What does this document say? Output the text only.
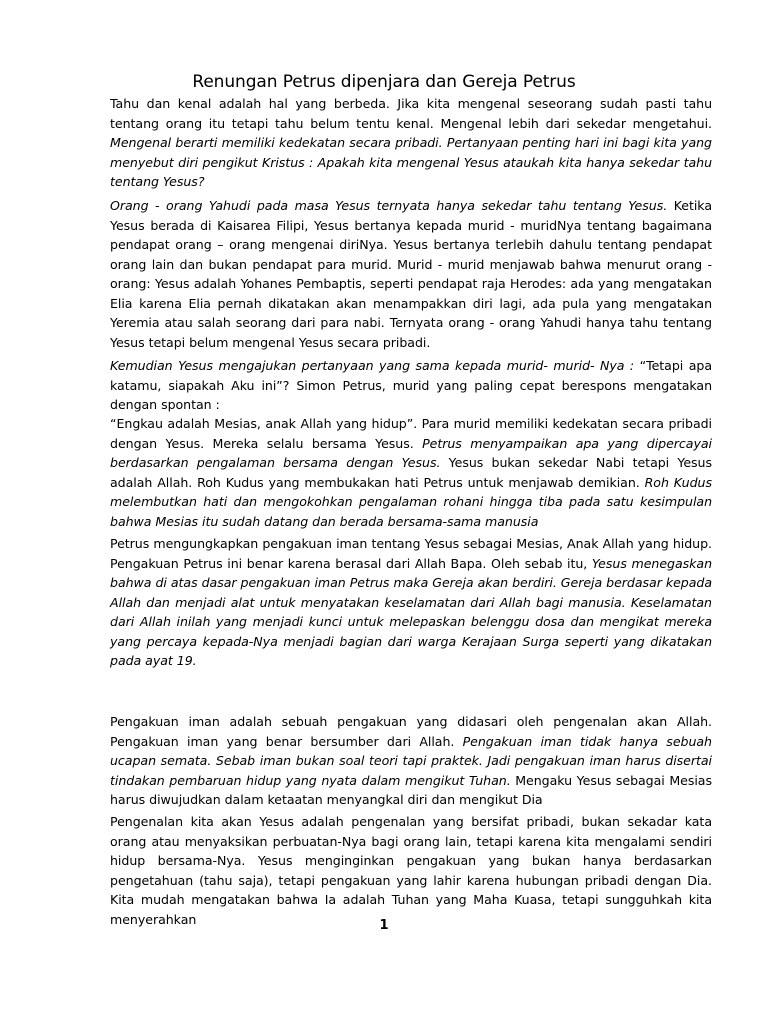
Renungan Petrus dipenjara dan Gereja Petrus

Tahu dan kenal adalah hal yang berbeda. Jika kita mengenal seseorang sudah pasti tahu tentang orang itu tetapi tahu belum tentu kenal. Mengenal lebih dari sekedar mengetahui. Mengenal berarti memiliki kedekatan secara pribadi. Pertanyaan penting hari ini bagi kita yang menyebut diri pengikut Kristus : Apakah kita mengenal Yesus ataukah kita hanya sekedar tahu tentang Yesus?

Orang - orang Yahudi pada masa Yesus ternyata hanya sekedar tahu tentang Yesus. Ketika Yesus berada di Kaisarea Filipi, Yesus bertanya kepada murid - muridNya tentang bagaimana pendapat orang – orang mengenai diriNya. Yesus bertanya terlebih dahulu tentang pendapat orang lain dan bukan pendapat para murid. Murid - murid menjawab bahwa menurut orang - orang: Yesus adalah Yohanes Pembaptis, seperti pendapat raja Herodes: ada yang mengatakan Elia karena Elia pernah dikatakan akan menampakkan diri lagi, ada pula yang mengatakan Yeremia atau salah seorang dari para nabi. Ternyata orang - orang Yahudi hanya tahu tentang Yesus tetapi belum mengenal Yesus secara pribadi.

Kemudian Yesus mengajukan pertanyaan yang sama kepada murid- murid- Nya : “Tetapi apa katamu, siapakah Aku ini”? Simon Petrus, murid yang paling cepat berespons mengatakan dengan spontan :

“Engkau adalah Mesias, anak Allah yang hidup”. Para murid memiliki kedekatan secara pribadi dengan Yesus. Mereka selalu bersama Yesus. Petrus menyampaikan apa yang dipercayai berdasarkan pengalaman bersama dengan Yesus. Yesus bukan sekedar Nabi tetapi Yesus adalah Allah. Roh Kudus yang membukakan hati Petrus untuk menjawab demikian. Roh Kudus melembutkan hati dan mengokohkan pengalaman rohani hingga tiba pada satu kesimpulan bahwa Mesias itu sudah datang dan berada bersama-sama manusia

Petrus mengungkapkan pengakuan iman tentang Yesus sebagai Mesias, Anak Allah yang hidup. Pengakuan Petrus ini benar karena berasal dari Allah Bapa. Oleh sebab itu, Yesus menegaskan bahwa di atas dasar pengakuan iman Petrus maka Gereja akan berdiri. Gereja berdasar kepada Allah dan menjadi alat untuk menyatakan keselamatan dari Allah bagi manusia. Keselamatan dari Allah inilah yang menjadi kunci untuk melepaskan belenggu dosa dan mengikat mereka yang percaya kepada-Nya menjadi bagian dari warga Kerajaan Surga seperti yang dikatakan pada ayat 19.

Pengakuan iman adalah sebuah pengakuan yang didasari oleh pengenalan akan Allah. Pengakuan iman yang benar bersumber dari Allah. Pengakuan iman tidak hanya sebuah ucapan semata. Sebab iman bukan soal teori tapi praktek. Jadi pengakuan iman harus disertai tindakan pembaruan hidup yang nyata dalam mengikut Tuhan. Mengaku Yesus sebagai Mesias harus diwujudkan dalam ketaatan menyangkal diri dan mengikut Dia

Pengenalan kita akan Yesus adalah pengenalan yang bersifat pribadi, bukan sekadar kata orang atau menyaksikan perbuatan-Nya bagi orang lain, tetapi karena kita mengalami sendiri hidup bersama-Nya. Yesus menginginkan pengakuan yang bukan hanya berdasarkan pengetahuan (tahu saja), tetapi pengakuan yang lahir karena hubungan pribadi dengan Dia. Kita mudah mengatakan bahwa Ia adalah Tuhan yang Maha Kuasa, tetapi sungguhkah kita menyerahkan	1
